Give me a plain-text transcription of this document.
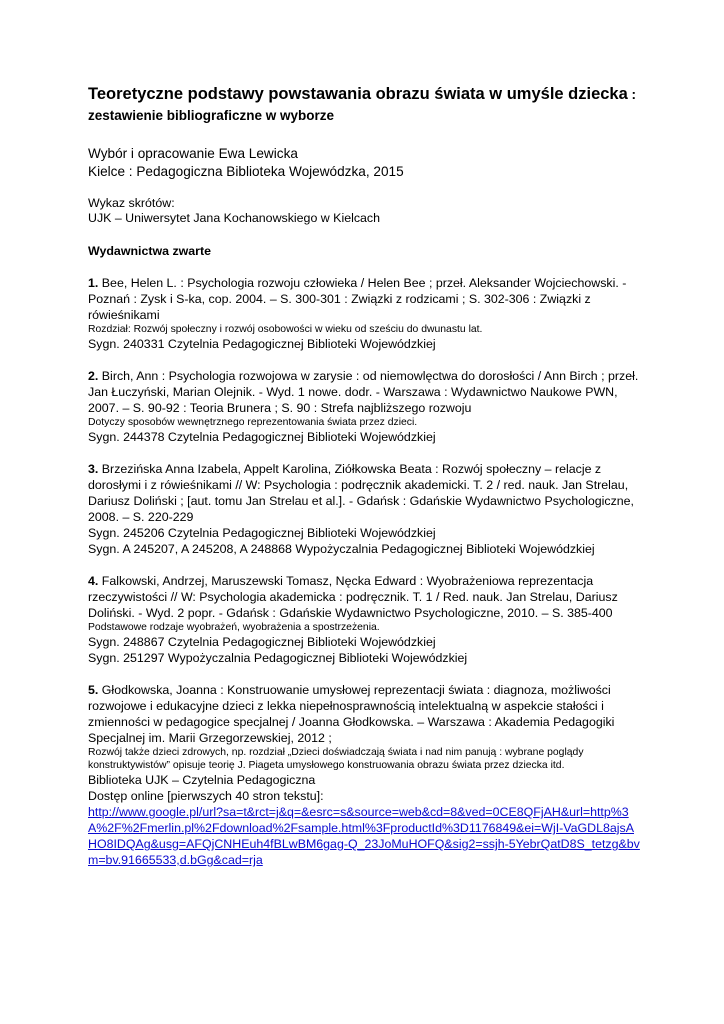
Teoretyczne podstawy powstawania obrazu świata w umyśle dziecka : zestawienie bibliograficzne w wyborze
Wybór i opracowanie Ewa Lewicka
Kielce : Pedagogiczna Biblioteka Wojewódzka, 2015
Wykaz skrótów:
UJK – Uniwersytet Jana Kochanowskiego w Kielcach
Wydawnictwa zwarte
1. Bee, Helen L. : Psychologia rozwoju człowieka / Helen Bee ; przeł. Aleksander Wojciechowski. - Poznań : Zysk i S-ka, cop. 2004. – S. 300-301 : Związki z rodzicami ; S. 302-306 : Związki z rówieśnikami
Rozdział: Rozwój społeczny i rozwój osobowości w wieku od sześciu do dwunastu lat.
Sygn. 240331 Czytelnia Pedagogicznej Biblioteki Wojewódzkiej
2. Birch, Ann : Psychologia rozwojowa w zarysie : od niemowlęctwa do dorosłości / Ann Birch ; przeł. Jan Łuczyński, Marian Olejnik. - Wyd. 1 nowe. dodr. - Warszawa : Wydawnictwo Naukowe PWN, 2007. – S. 90-92 : Teoria Brunera ; S. 90 : Strefa najbliższego rozwoju
Dotyczy sposobów wewnętrznego reprezentowania świata przez dzieci.
Sygn. 244378 Czytelnia Pedagogicznej Biblioteki Wojewódzkiej
3. Brzezińska Anna Izabela, Appelt Karolina, Ziółkowska Beata : Rozwój społeczny – relacje z dorosłymi i z rówieśnikami // W: Psychologia : podręcznik akademicki. T. 2 / red. nauk. Jan Strelau, Dariusz Doliński ; [aut. tomu Jan Strelau et al.]. - Gdańsk : Gdańskie Wydawnictwo Psychologiczne, 2008. – S. 220-229
Sygn. 245206 Czytelnia Pedagogicznej Biblioteki Wojewódzkiej
Sygn. A 245207, A 245208, A 248868 Wypożyczalnia Pedagogicznej Biblioteki Wojewódzkiej
4. Falkowski, Andrzej, Maruszewski Tomasz, Nęcka Edward : Wyobrażeniowa reprezentacja rzeczywistości // W: Psychologia akademicka : podręcznik. T. 1 / Red. nauk. Jan Strelau, Dariusz Doliński. - Wyd. 2 popr. - Gdańsk : Gdańskie Wydawnictwo Psychologiczne, 2010. – S. 385-400
Podstawowe rodzaje wyobrażeń, wyobrażenia a spostrzeżenia.
Sygn. 248867 Czytelnia Pedagogicznej Biblioteki Wojewódzkiej
Sygn. 251297 Wypożyczalnia Pedagogicznej Biblioteki Wojewódzkiej
5. Głodkowska, Joanna : Konstruowanie umysłowej reprezentacji świata : diagnoza, możliwości rozwojowe i edukacyjne dzieci z lekka niepełnosprawnością intelektualną w aspekcie stałości i zmienności w pedagogice specjalnej / Joanna Głodkowska. – Warszawa : Akademia Pedagogiki Specjalnej im. Marii Grzegorzewskiej, 2012 ;
Rozwój także dzieci zdrowych, np. rozdział „Dzieci doświadczają świata i nad nim panują : wybrane poglądy konstruktywistów” opisuje teorię J. Piageta umysłowego konstruowania obrazu świata przez dziecka itd.
Biblioteka UJK – Czytelnia Pedagogiczna
Dostęp online [pierwszych 40 stron tekstu]:
http://www.google.pl/url?sa=t&rct=j&q=&esrc=s&source=web&cd=8&ved=0CE8QFjAH&url=http%3A%2F%2Fmerlin.pl%2Fdownload%2Fsample.html%3FproductId%3D1176849&ei=WjI-VaGDL8ajsAHO8IDQAg&usg=AFQjCNHEuh4fBLwBM6gag-Q_23JoMuHOFQ&sig2=ssjh-5YebrQatD8S_tetzg&bvm=bv.91665533,d.bGg&cad=rja
